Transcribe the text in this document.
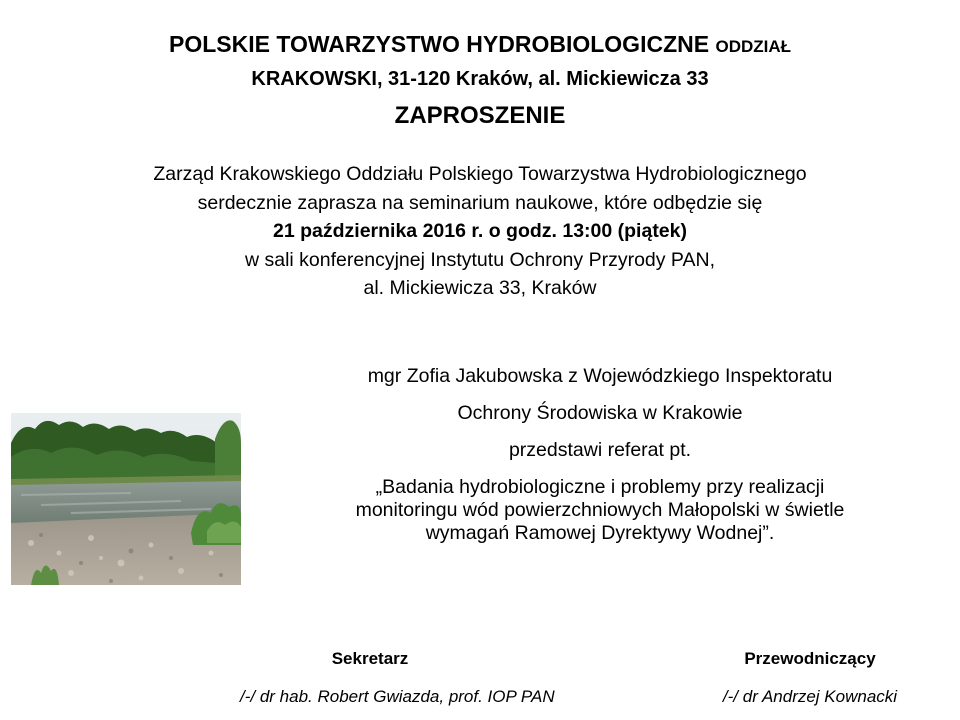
POLSKIE TOWARZYSTWO HYDROBIOLOGICZNE ODDZIAŁ
KRAKOWSKI, 31-120 Kraków, al. Mickiewicza 33
ZAPROSZENIE
Zarząd Krakowskiego Oddziału Polskiego Towarzystwa Hydrobiologicznego
serdecznie zaprasza na seminarium naukowe, które odbędzie się
21 października 2016 r. o godz. 13:00 (piątek)
w sali konferencyjnej Instytutu Ochrony Przyrody PAN,
al. Mickiewicza 33, Kraków
mgr Zofia Jakubowska z Wojewódzkiego Inspektoratu
Ochrony Środowiska w Krakowie
przedstawi referat pt.
„Badania hydrobiologiczne i problemy przy realizacji
monitoringu wód powierzchniowych Małopolski w świetle
wymagań Ramowej Dyrektywy Wodnej”.
Sekretarz
/-/ dr hab. Robert Gwiazda, prof. IOP PAN
Przewodniczący
/-/ dr Andrzej Kownacki
